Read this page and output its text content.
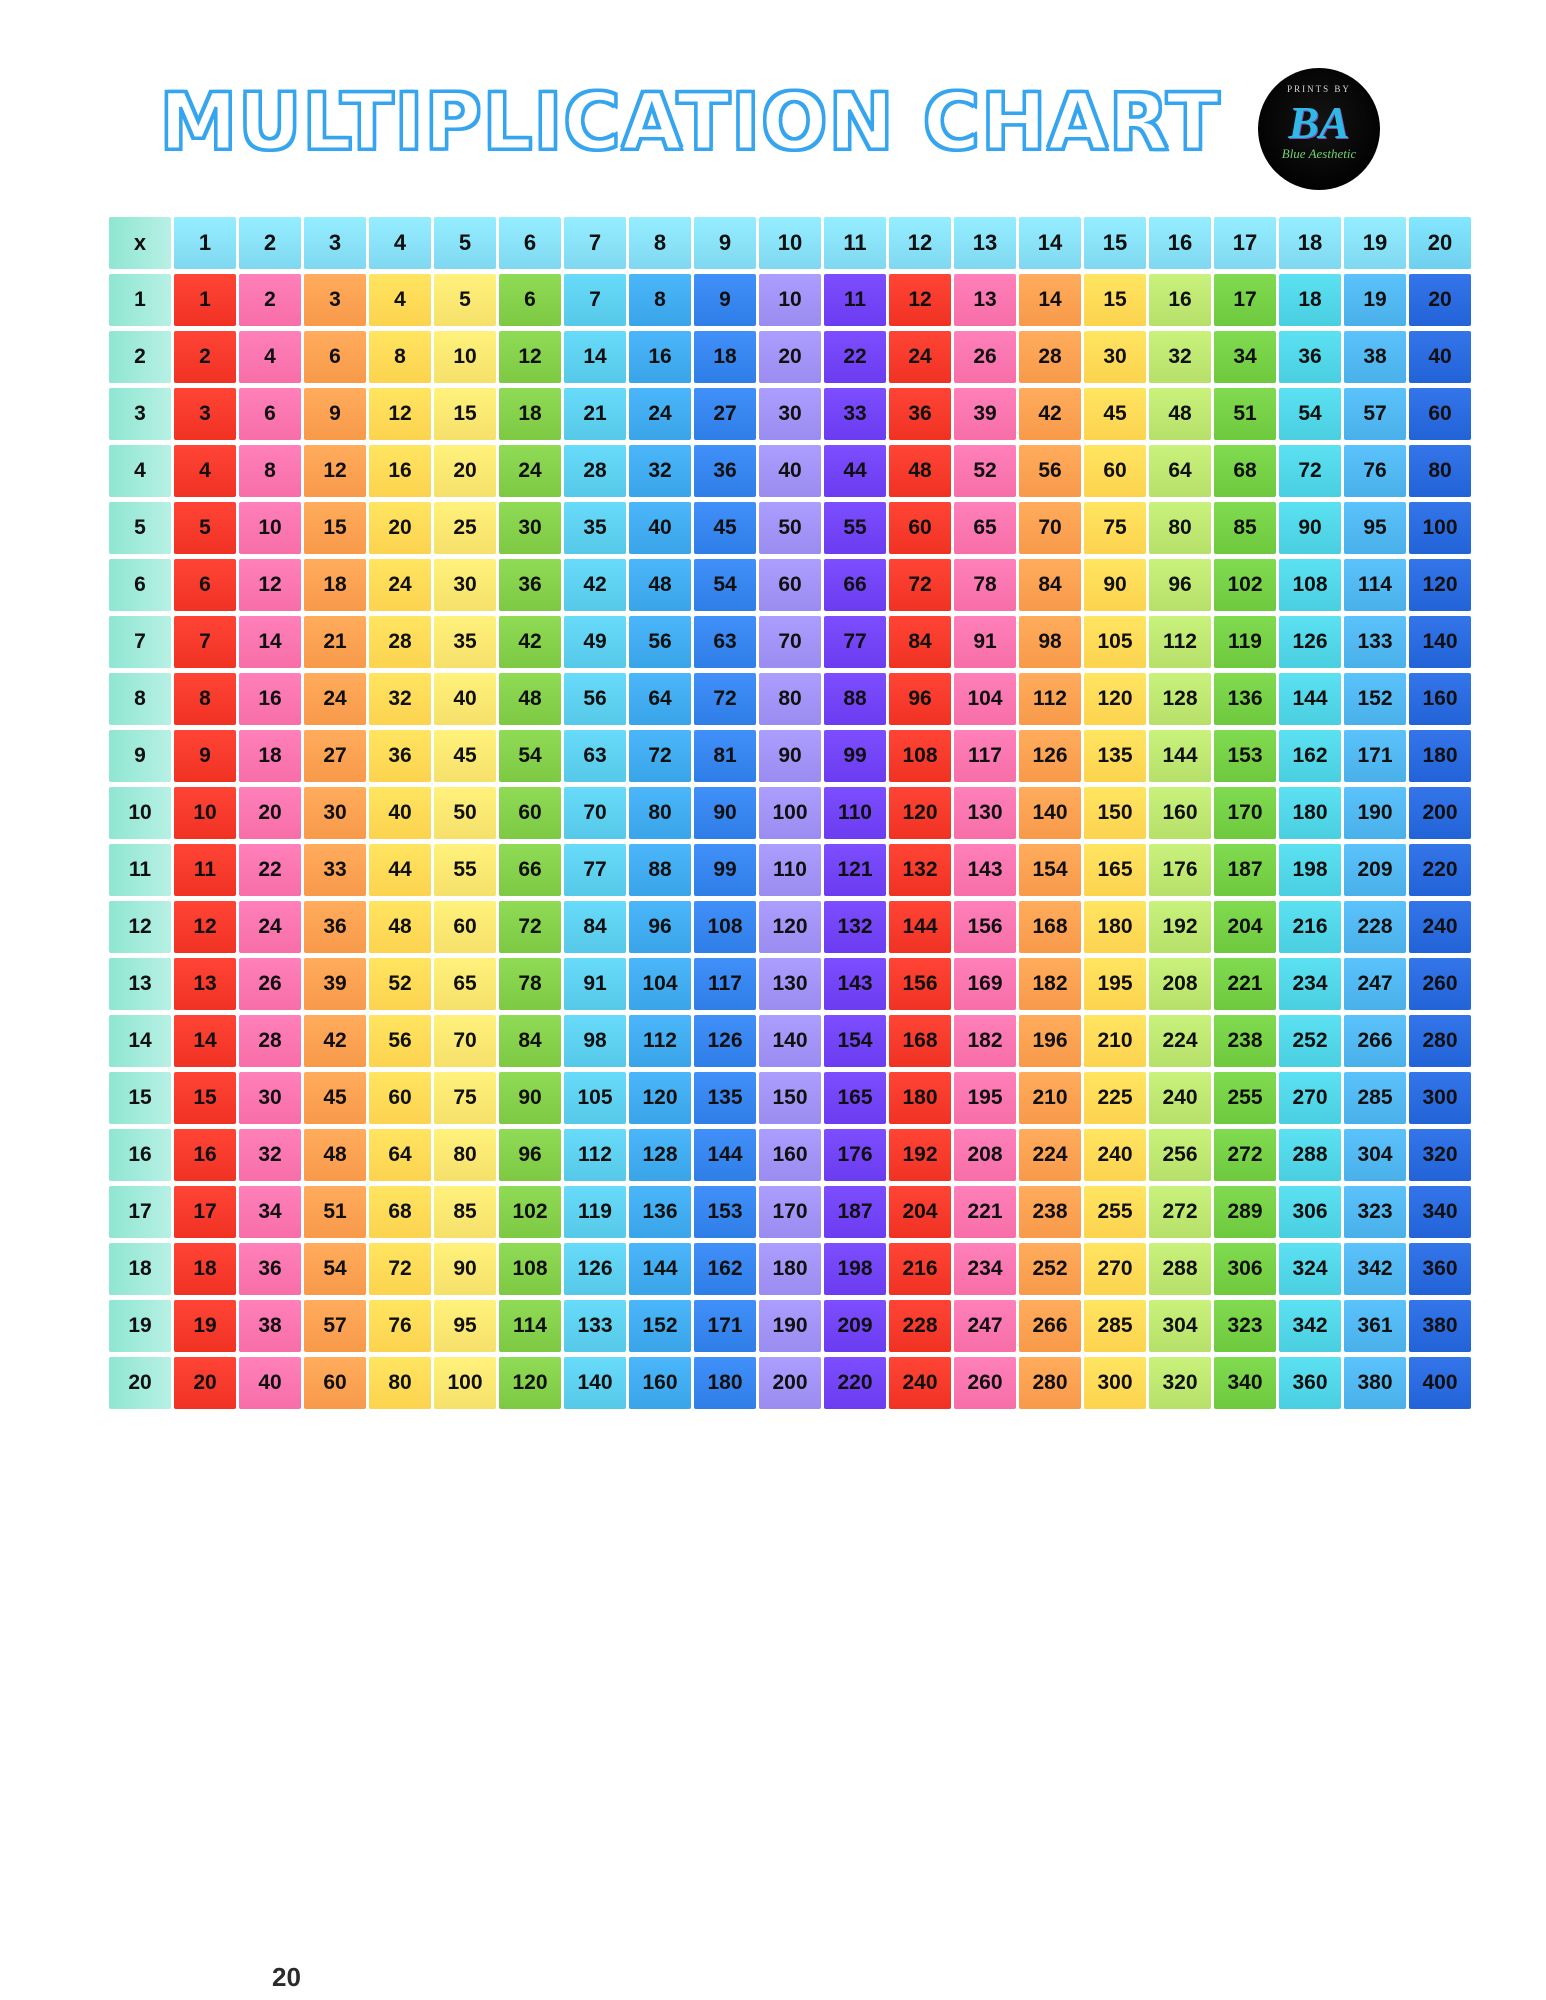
MULTIPLICATION CHART	PRINTS BY
BA
Blue Aesthetic
x	1	2	3	4	5	6	7	8	9	10	11	12	13	14	15	16	17	18	19	20
1	1	2	3	4	5	6	7	8	9	10	11	12	13	14	15	16	17	18	19	20

2	2	4	6	8	10	12	14	16	18	20	22	24	26	28	30	32	34	36	38	40

3	3	6	9	12	15	18	21	24	27	30	33	36	39	42	45	48	51	54	57	60

4	4	8	12	16	20	24	28	32	36	40	44	48	52	56	60	64	68	72	76	80

5	5	10	15	20	25	30	35	40	45	50	55	60	65	70	75	80	85	90	95	100

6	6	12	18	24	30	36	42	48	54	60	66	72	78	84	90	96	102	108	114	120

7	7	14	21	28	35	42	49	56	63	70	77	84	91	98	105	112	119	126	133	140

8	8	16	24	32	40	48	56	64	72	80	88	96	104	112	120	128	136	144	152	160

9	9	18	27	36	45	54	63	72	81	90	99	108	117	126	135	144	153	162	171	180

10	10	20	30	40	50	60	70	80	90	100	110	120	130	140	150	160	170	180	190	200

11	11	22	33	44	55	66	77	88	99	110	121	132	143	154	165	176	187	198	209	220

12	12	24	36	48	60	72	84	96	108	120	132	144	156	168	180	192	204	216	228	240

13	13	26	39	52	65	78	91	104	117	130	143	156	169	182	195	208	221	234	247	260

14	14	28	42	56	70	84	98	112	126	140	154	168	182	196	210	224	238	252	266	280

15	15	30	45	60	75	90	105	120	135	150	165	180	195	210	225	240	255	270	285	300

16	16	32	48	64	80	96	112	128	144	160	176	192	208	224	240	256	272	288	304	320

17	17	34	51	68	85	102	119	136	153	170	187	204	221	238	255	272	289	306	323	340

18	18	36	54	72	90	108	126	144	162	180	198	216	234	252	270	288	306	324	342	360

19	19	38	57	76	95	114	133	152	171	190	209	228	247	266	285	304	323	342	361	380

20	20	40	60	80	100	120	140	160	180	200	220	240	260	280	300	320	340	360	380	400
20
